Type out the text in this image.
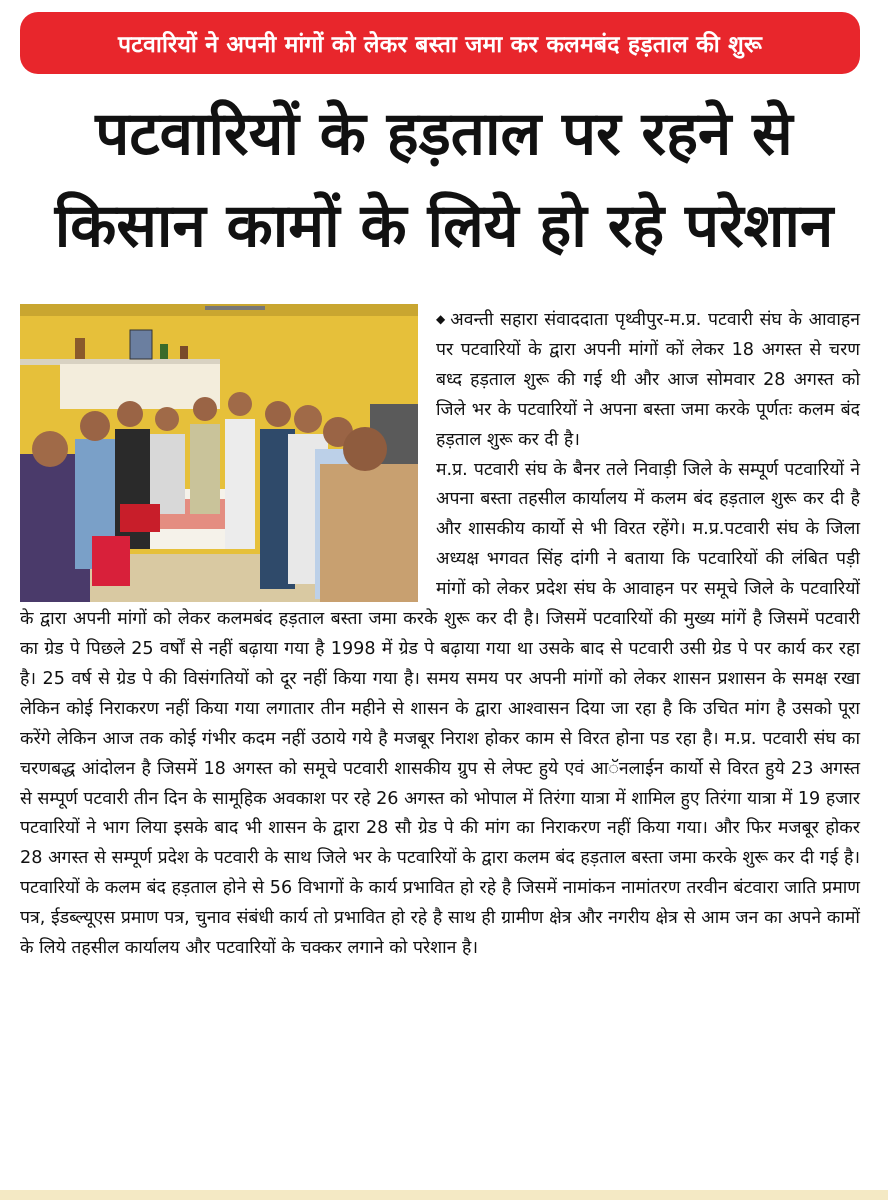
पटवारियों ने अपनी मांगों को लेकर बस्ता जमा कर कलमबंद हड़ताल की शुरू
पटवारियों के हड़ताल पर रहने से
किसान कामों के लिये हो रहे परेशान

◆ अवन्ती सहारा संवाददाता पृथ्वीपुर-म.प्र. पटवारी संघ के आवाहन पर पटवारियों के द्वारा अपनी मांगों कों लेकर 18 अगस्त से चरण बध्द हड़ताल शुरू की गई थी और आज सोमवार 28 अगस्त को जिले भर के पटवारियों ने अपना बस्ता जमा करके पूर्णतः कलम बंद हड़ताल शुरू कर दी है।

म.प्र. पटवारी संघ के बैनर तले निवाड़ी जिले के सम्पूर्ण पटवारियों ने अपना बस्ता तहसील कार्यालय में कलम बंद हड़ताल शुरू कर दी है और शासकीय कार्यो से भी विरत रहेंगे। म.प्र.पटवारी संघ के जिला अध्यक्ष भगवत सिंह दांगी ने बताया कि पटवारियों की लंबित पड़ी मांगों को लेकर प्रदेश संघ के आवाहन पर समूचे जिले के पटवारियों के द्वारा अपनी मांगों को लेकर कलमबंद हड़ताल बस्ता जमा करके शुरू कर दी है। जिसमें पटवारियों की मुख्य मांगें है जिसमें पटवारी का ग्रेड पे पिछले 25 वर्षों से नहीं बढ़ाया गया है 1998 में ग्रेड पे बढ़ाया गया था उसके बाद से पटवारी उसी ग्रेड पे पर कार्य कर रहा है। 25 वर्ष से ग्रेड पे की विसंगतियों को दूर नहीं किया गया है। समय समय पर अपनी मांगों को लेकर शासन प्रशासन के समक्ष रखा लेकिन कोई निराकरण नहीं किया गया लगातार तीन महीने से शासन के द्वारा आश्वासन दिया जा रहा है कि उचित मांग है उसको पूरा करेंगे लेकिन आज तक कोई गंभीर कदम नहीं उठाये गये है मजबूर निराश होकर काम से विरत होना पड रहा है। म.प्र. पटवारी संघ का चरणबद्ध आंदोलन है जिसमें 18 अगस्त को समूचे पटवारी शासकीय ग्रुप से लेफ्ट हुये एवं आॅनलाईन कार्यो से विरत हुये 23 अगस्त से सम्पूर्ण पटवारी तीन दिन के सामूहिक अवकाश पर रहे 26 अगस्त को भोपाल में तिरंगा यात्रा में शामिल हुए तिरंगा यात्रा में 19 हजार पटवारियों ने भाग लिया इसके बाद भी शासन के द्वारा 28 सौ ग्रेड पे की मांग का निराकरण नहीं किया गया। और फिर मजबूर होकर 28 अगस्त से सम्पूर्ण प्रदेश के पटवारी के साथ जिले भर के पटवारियों के द्वारा कलम बंद हड़ताल बस्ता जमा करके शुरू कर दी गई है। पटवारियों के कलम बंद हड़ताल होने से 56 विभागों के कार्य प्रभावित हो रहे है जिसमें नामांकन नामांतरण तरवीन बंटवारा जाति प्रमाण पत्र, ईडब्ल्यूएस प्रमाण पत्र, चुनाव संबंधी कार्य तो प्रभावित हो रहे है साथ ही ग्रामीण क्षेत्र और नगरीय क्षेत्र से आम जन का अपने कामों के लिये तहसील कार्यालय और पटवारियों के चक्कर लगाने को परेशान है।
